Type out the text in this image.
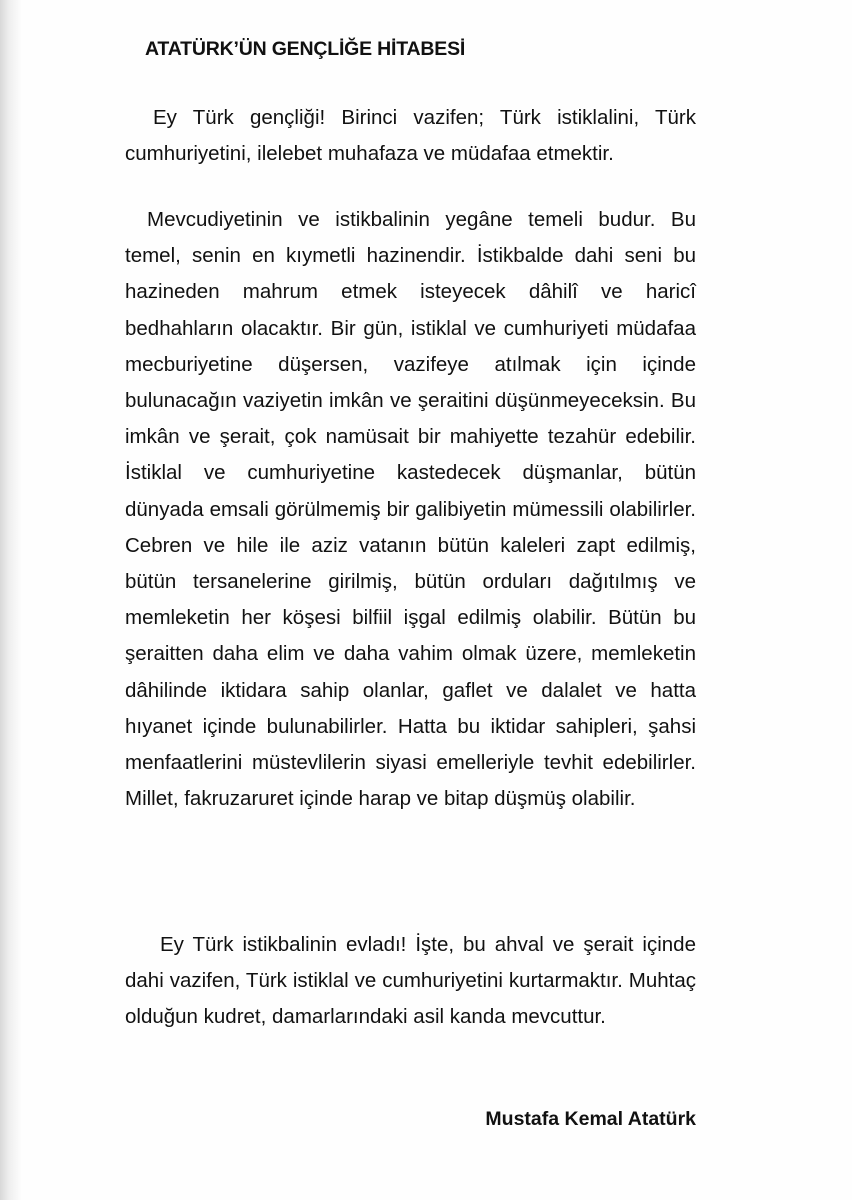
ATATÜRK’ÜN GENÇLİĞE HİTABESİ

Ey Türk gençliği! Birinci vazifen; Türk istiklalini, Türk cumhuriyetini, ilelebet muhafaza ve müdafaa etmektir.

Mevcudiyetinin ve istikbalinin yegâne temeli budur. Bu temel, senin en kıymetli hazinendir. İstikbalde dahi seni bu hazineden mahrum etmek isteyecek dâhilî ve haricî bedhahların olacaktır. Bir gün, istiklal ve cumhuriyeti müdafaa mecburiyetine düşersen, vazifeye atılmak için içinde bulunacağın vaziyetin imkân ve şeraitini düşünmeyeceksin. Bu imkân ve şerait, çok namüsait bir mahiyette tezahür edebilir. İstiklal ve cumhuriyetine kastedecek düşmanlar, bütün dünyada emsali görülmemiş bir galibiyetin mümessili olabilirler. Cebren ve hile ile aziz vatanın bütün kaleleri zapt edilmiş, bütün tersanelerine girilmiş, bütün orduları dağıtılmış ve memleketin her köşesi bilfiil işgal edilmiş olabilir. Bütün bu şeraitten daha elim ve daha vahim olmak üzere, memleketin dâhilinde iktidara sahip olanlar, gaflet ve dalalet ve hatta hıyanet içinde bulunabilirler. Hatta bu iktidar sahipleri, şahsi menfaatlerini müstevlilerin siyasi emelleriyle tevhit edebilirler. Millet, fakruzaruret içinde harap ve bitap düşmüş olabilir.

Ey Türk istikbalinin evladı! İşte, bu ahval ve şerait içinde dahi vazifen, Türk istiklal ve cumhuriyetini kurtarmaktır. Muhtaç olduğun kudret, damarlarındaki asil kanda mevcuttur.

Mustafa Kemal Atatürk
